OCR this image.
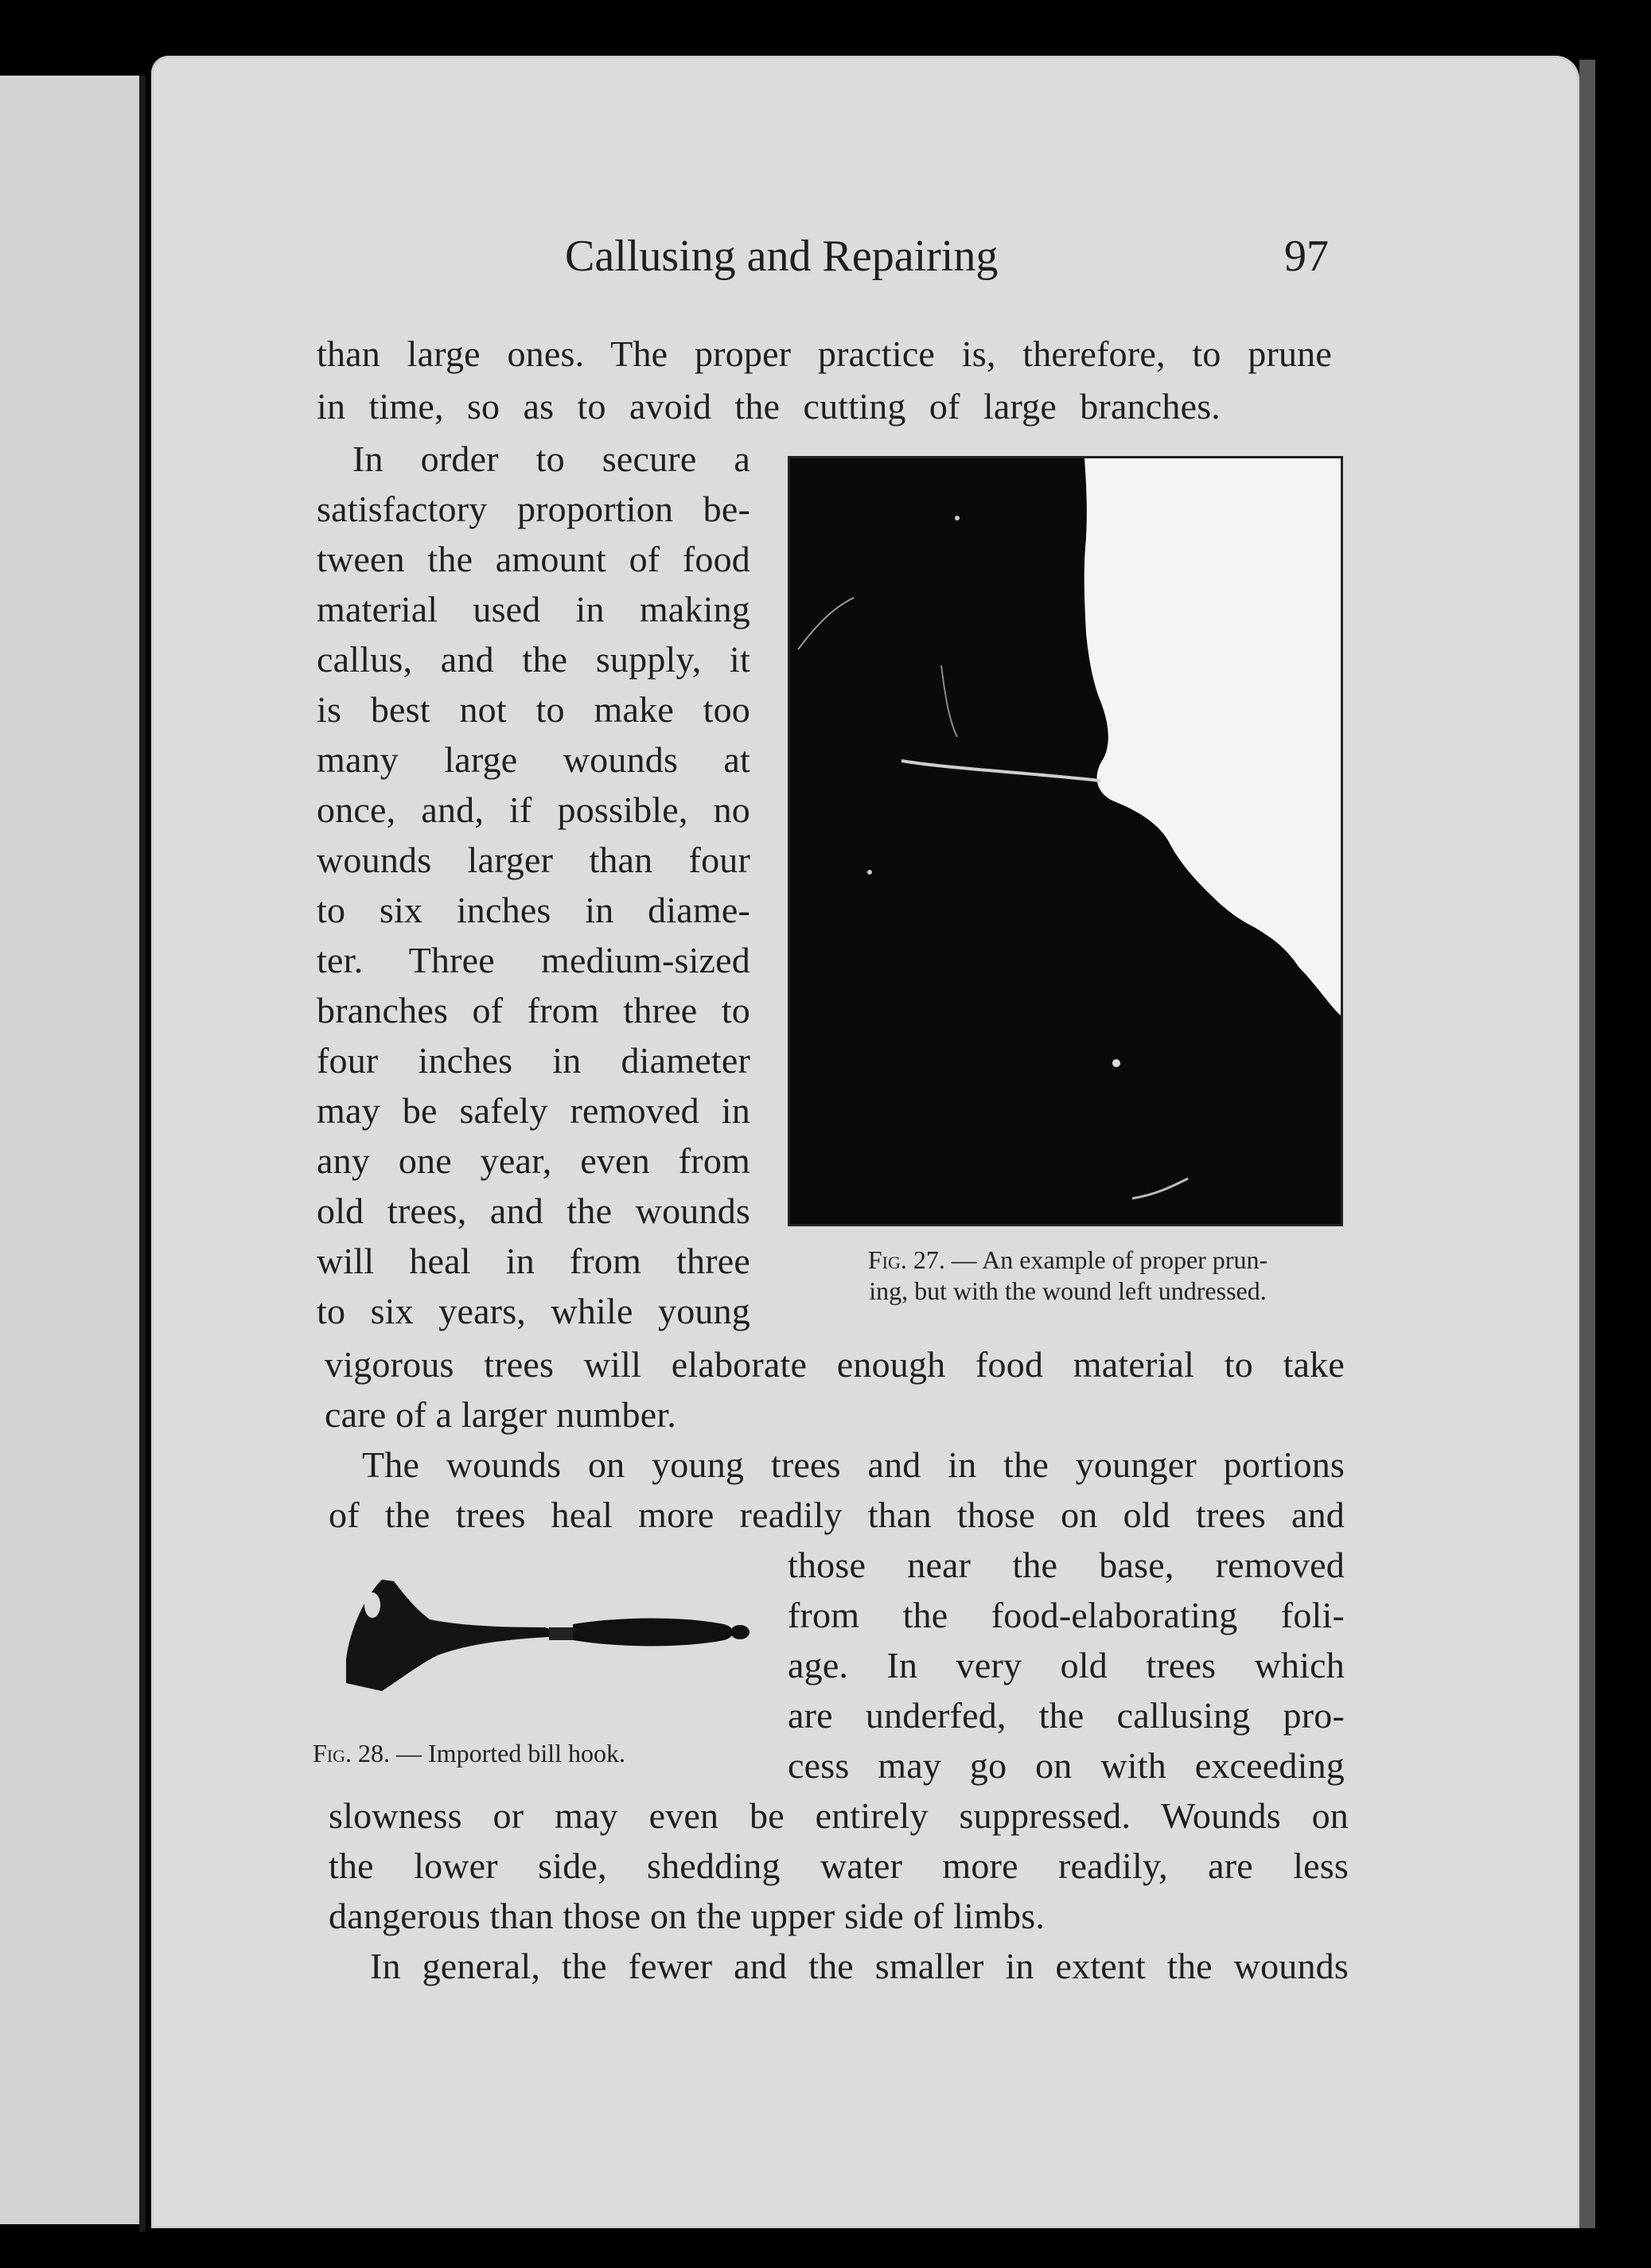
Callusing and Repairing	97
than large ones. The proper practice is, therefore, to prune
in time, so as to avoid the cutting of large branches.
In order to secure a
satisfactory proportion be-
tween the amount of food
material used in making
callus, and the supply, it
is best not to make too
many large wounds at
once, and, if possible, no
wounds larger than four
to six inches in diame-
ter. Three medium-sized
branches of from three to
four inches in diameter
may be safely removed in
any one year, even from
old trees, and the wounds
will heal in from three
to six years, while young
Fig. 27. — An example of proper prun-
ing, but with the wound left undressed.
vigorous trees will elaborate enough food material to take
care of a larger number.
The wounds on young trees and in the younger portions
of the trees heal more readily than those on old trees and
Fig. 28. — Imported bill hook.
those near the base, removed
from the food-elaborating foli-
age. In very old trees which
are underfed, the callusing pro-
cess may go on with exceeding
slowness or may even be entirely suppressed. Wounds on
the lower side, shedding water more readily, are less
dangerous than those on the upper side of limbs.
In general, the fewer and the smaller in extent the wounds
